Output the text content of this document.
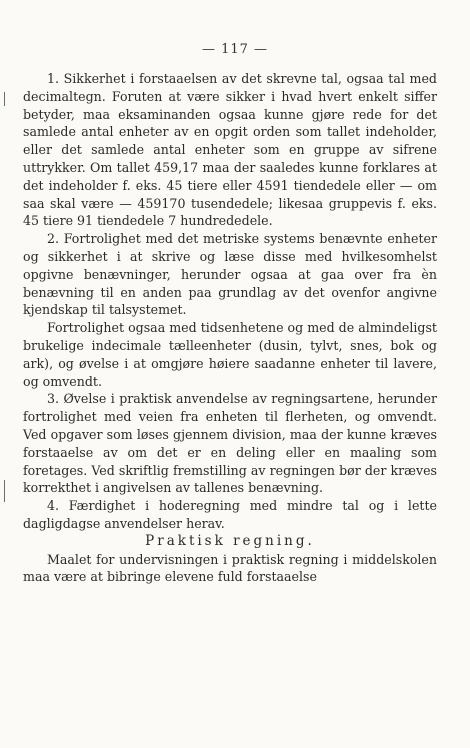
— 117 —

1. Sikkerhet i forstaaelsen av det skrevne tal, ogsaa tal med decimaltegn. Foruten at være sikker i hvad hvert enkelt siffer betyder, maa eksaminanden ogsaa kunne gjøre rede for det samlede antal enheter av en opgit orden som tallet indeholder, eller det samlede antal enheter som en gruppe av sifrene uttrykker. Om tallet 459,17 maa der saaledes kunne forklares at det indeholder f. eks. 45 tiere eller 4591 tiendedele eller — om saa skal være — 459170 tusendedele; likesaa gruppevis f. eks. 45 tiere 91 tiendedele 7 hundrededele.

2. Fortrolighet med det metriske systems benævnte enheter og sikkerhet i at skrive og læse disse med hvilkesomhelst opgivne benævninger, herunder ogsaa at gaa over fra èn benævning til en anden paa grundlag av det ovenfor angivne kjendskap til talsystemet.

Fortrolighet ogsaa med tidsenhetene og med de almindeligst brukelige indecimale tælleenheter (dusin, tylvt, snes, bok og ark), og øvelse i at omgjøre høiere saadanne enheter til lavere, og omvendt.

3. Øvelse i praktisk anvendelse av regningsartene, herunder fortrolighet med veien fra enheten til flerheten, og omvendt. Ved opgaver som løses gjennem division, maa der kunne kræves forstaaelse av om det er en deling eller en maaling som foretages. Ved skriftlig fremstilling av regningen bør der kræves korrekthet i angivelsen av tallenes benævning.

4. Færdighet i hoderegning med mindre tal og i lette dagligdagse anvendelser herav.

Praktisk regning.

Maalet for undervisningen i praktisk regning i middelskolen maa være at bibringe elevene fuld forstaaelse
